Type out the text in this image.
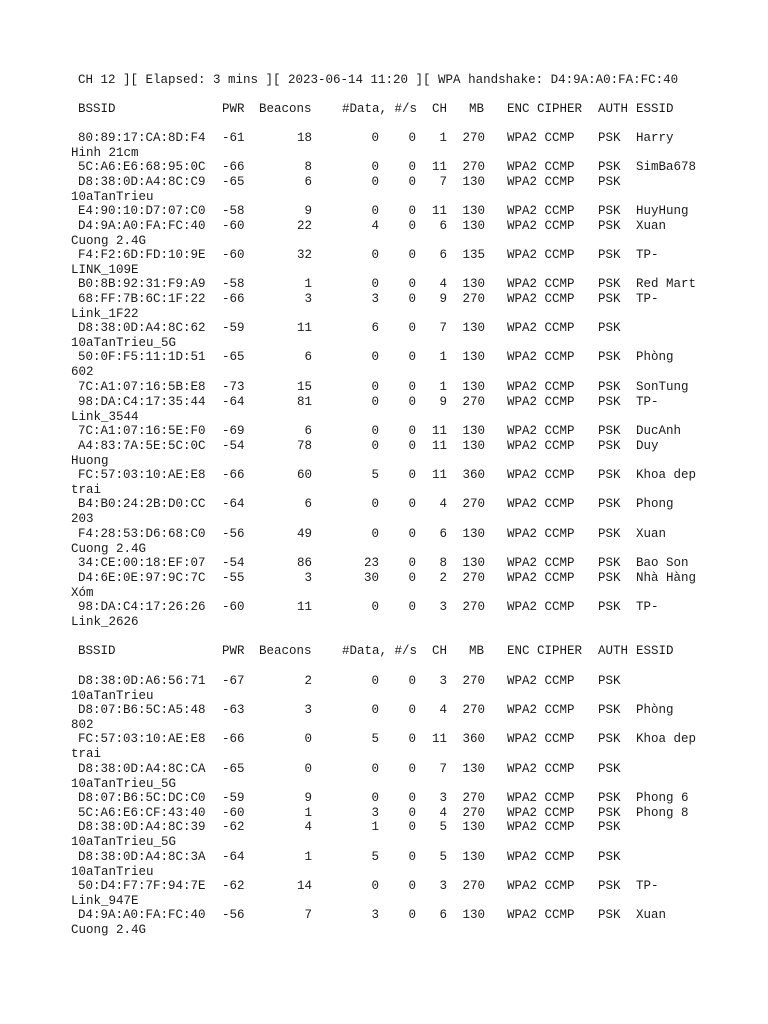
CH 12 ][ Elapsed: 3 mins ][ 2023-06-14 11:20 ][ WPA handshake: D4:9A:A0:FA:FC:40
BSSID	PWR Beacons #Data, #/s CH MB ENC CIPHER AUTH ESSID
80:89:17:CA:8D:F4 -61	18	0 0 1 270 WPA2 CCMP PSK Harry
Hinh 21cm
5C:A6:E6:68:95:0C -66	8	0 0 11 270 WPA2 CCMP PSK SimBa678
D8:38:0D:A4:8C:C9 -65	6	0 0 7 130 WPA2 CCMP PSK
10aTanTrieu
E4:90:10:D7:07:C0 -58	9	0 0 11 130 WPA2 CCMP PSK HuyHung
D4:9A:A0:FA:FC:40 -60	22	4 0 6 130 WPA2 CCMP PSK Xuan
Cuong 2.4G
F4:F2:6D:FD:10:9E -60	32	0 0 6 135 WPA2 CCMP PSK TP-
LINK_109E
B0:8B:92:31:F9:A9 -58	1	0 0 4 130 WPA2 CCMP PSK Red Mart
68:FF:7B:6C:1F:22 -66	3	3 0 9 270 WPA2 CCMP PSK TP-
Link_1F22
D8:38:0D:A4:8C:62 -59	11	6 0 7 130 WPA2 CCMP PSK
10aTanTrieu_5G
50:0F:F5:11:1D:51 -65	6	0 0 1 130 WPA2 CCMP PSK Phòng
602
7C:A1:07:16:5B:E8 -73	15	0 0 1 130 WPA2 CCMP PSK SonTung
98:DA:C4:17:35:44 -64	81	0 0 9 270 WPA2 CCMP PSK TP-
Link_3544
7C:A1:07:16:5E:F0 -69	6	0 0 11 130 WPA2 CCMP PSK DucAnh
A4:83:7A:5E:5C:0C -54	78	0 0 11 130 WPA2 CCMP PSK Duy
Huong
FC:57:03:10:AE:E8 -66	60	5 0 11 360 WPA2 CCMP PSK Khoa dep
trai
B4:B0:24:2B:D0:CC -64	6	0 0 4 270 WPA2 CCMP PSK Phong
203
F4:28:53:D6:68:C0 -56	49	0 0 6 130 WPA2 CCMP PSK Xuan
Cuong 2.4G
34:CE:00:18:EF:07 -54	86	23 0 8 130 WPA2 CCMP PSK Bao Son
D4:6E:0E:97:9C:7C -55	3	30 0 2 270 WPA2 CCMP PSK Nhà Hàng
Xóm
98:DA:C4:17:26:26 -60	11	0 0 3 270 WPA2 CCMP PSK TP-
Link_2626
BSSID	PWR Beacons #Data, #/s CH MB ENC CIPHER AUTH ESSID
D8:38:0D:A6:56:71 -67	2	0 0 3 270 WPA2 CCMP PSK
10aTanTrieu
D8:07:B6:5C:A5:48 -63	3	0 0 4 270 WPA2 CCMP PSK Phòng
802
FC:57:03:10:AE:E8 -66	0	5 0 11 360 WPA2 CCMP PSK Khoa dep
trai
D8:38:0D:A4:8C:CA -65	0	0 0 7 130 WPA2 CCMP PSK
10aTanTrieu_5G
D8:07:B6:5C:DC:C0 -59	9	0 0 3 270 WPA2 CCMP PSK Phong 6
5C:A6:E6:CF:43:40 -60	1	3 0 4 270 WPA2 CCMP PSK Phong 8
D8:38:0D:A4:8C:39 -62	4	1 0 5 130 WPA2 CCMP PSK
10aTanTrieu_5G
D8:38:0D:A4:8C:3A -64	1	5 0 5 130 WPA2 CCMP PSK
10aTanTrieu
50:D4:F7:7F:94:7E -62	14	0 0 3 270 WPA2 CCMP PSK TP-
Link_947E
D4:9A:A0:FA:FC:40 -56	7	3 0 6 130 WPA2 CCMP PSK Xuan
Cuong 2.4G
